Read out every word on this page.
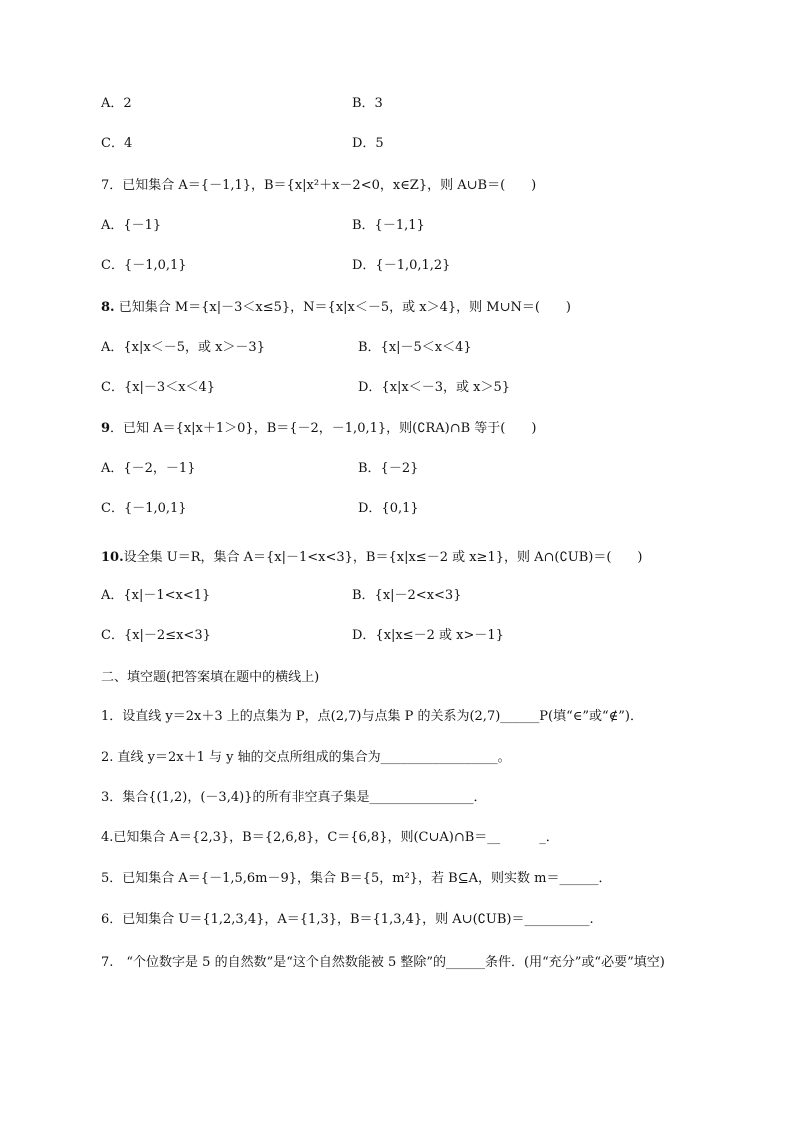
A．2	B．3
C．4	D．5
7．已知集合 A＝{－1,1}，B＝{x|x²＋x－2<0，x∈Z}，则 A∪B＝(　　)
A．{－1}	B．{－1,1}
C．{－1,0,1}	D．{－1,0,1,2}
8. 已知集合 M＝{x|－3＜x≤5}，N＝{x|x＜－5，或 x＞4}，则 M∪N＝(　　)
A．{x|x＜－5，或 x＞－3}	B．{x|－5＜x＜4}
C．{x|－3＜x＜4}	D．{x|x＜－3，或 x＞5}
9．已知 A＝{x|x＋1＞0}，B＝{－2，－1,0,1}，则(∁RA)∩B 等于(　　)
A．{－2，－1}	B．{－2}
C．{－1,0,1}	D．{0,1}
10.设全集 U＝R，集合 A＝{x|－1<x<3}，B＝{x|x≤－2 或 x≥1}，则 A∩(∁UB)＝(　　)
A．{x|－1<x<1}	B．{x|－2<x<3}
C．{x|－2≤x<3}	D．{x|x≤－2 或 x>－1}
二、填空题(把答案填在题中的横线上)
1．设直线 y＝2x＋3 上的点集为 P，点(2,7)与点集 P 的关系为(2,7)______P(填“∈”或“∉”)．
2. 直线 y＝2x＋1 与 y 轴的交点所组成的集合为__________________。
3．集合{(1,2)，(－3,4)}的所有非空真子集是________________．
4.已知集合 A＝{2,3}，B＝{2,6,8}，C＝{6,8}，则(C∪A)∩B＝__　　　_．
5．已知集合 A＝{－1,5,6m－9}，集合 B＝{5，m²}，若 B⊆A，则实数 m＝______．
6．已知集合 U＝{1,2,3,4}，A＝{1,3}，B＝{1,3,4}，则 A∪(∁UB)＝__________.
7.　“个位数字是 5 的自然数”是“这个自然数能被 5 整除”的______条件．(用“充分”或“必要”填空)
